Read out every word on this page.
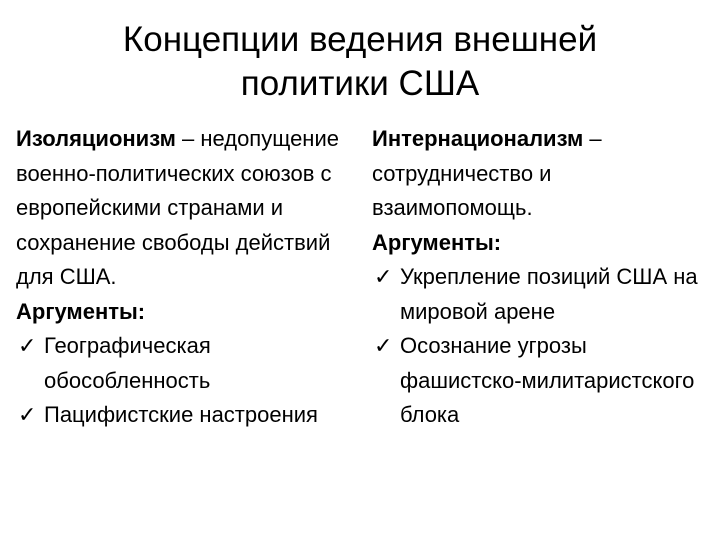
Концепции ведения внешней
политики США

Изоляционизм – недопущение военно-политических союзов с европейскими странами и сохранение свободы действий для США.

Аргументы:

✓ Географическая обособленность

✓ Пацифистские настроения

Интернационализм – сотрудничество и взаимопомощь.

Аргументы:

✓ Укрепление позиций США на мировой арене

✓ Осознание угрозы фашистско-милитаристского блока
